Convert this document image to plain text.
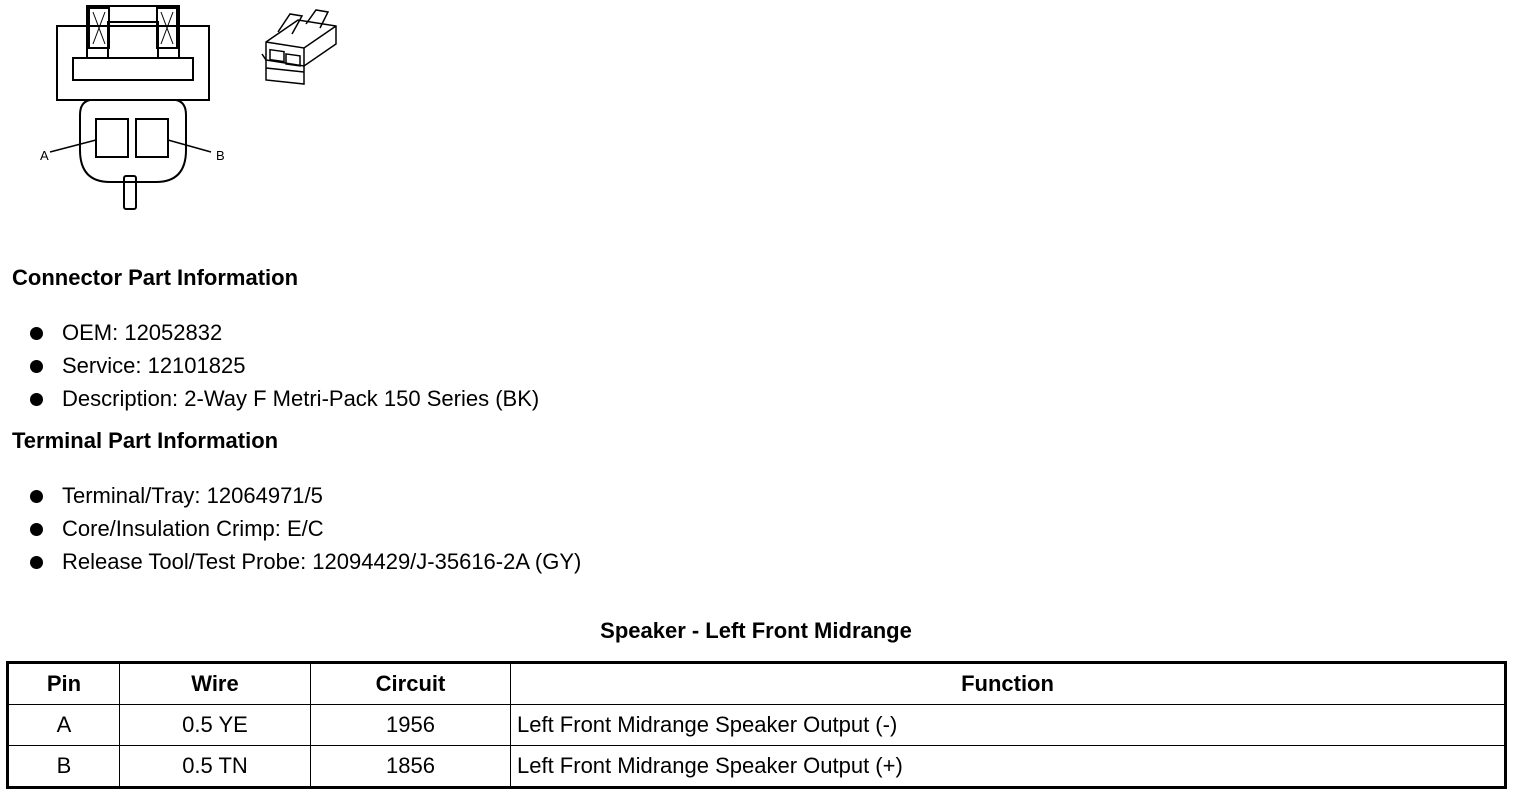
A	B
Connector Part Information
OEM: 12052832
Service: 12101825
Description: 2-Way F Metri-Pack 150 Series (BK)
Terminal Part Information
Terminal/Tray: 12064971/5
Core/Insulation Crimp: E/C
Release Tool/Test Probe: 12094429/J-35616-2A (GY)
Speaker - Left Front Midrange
Pin	Wire	Circuit	Function
A	0.5 YE	1956	Left Front Midrange Speaker Output (-)
B	0.5 TN	1856	Left Front Midrange Speaker Output (+)
